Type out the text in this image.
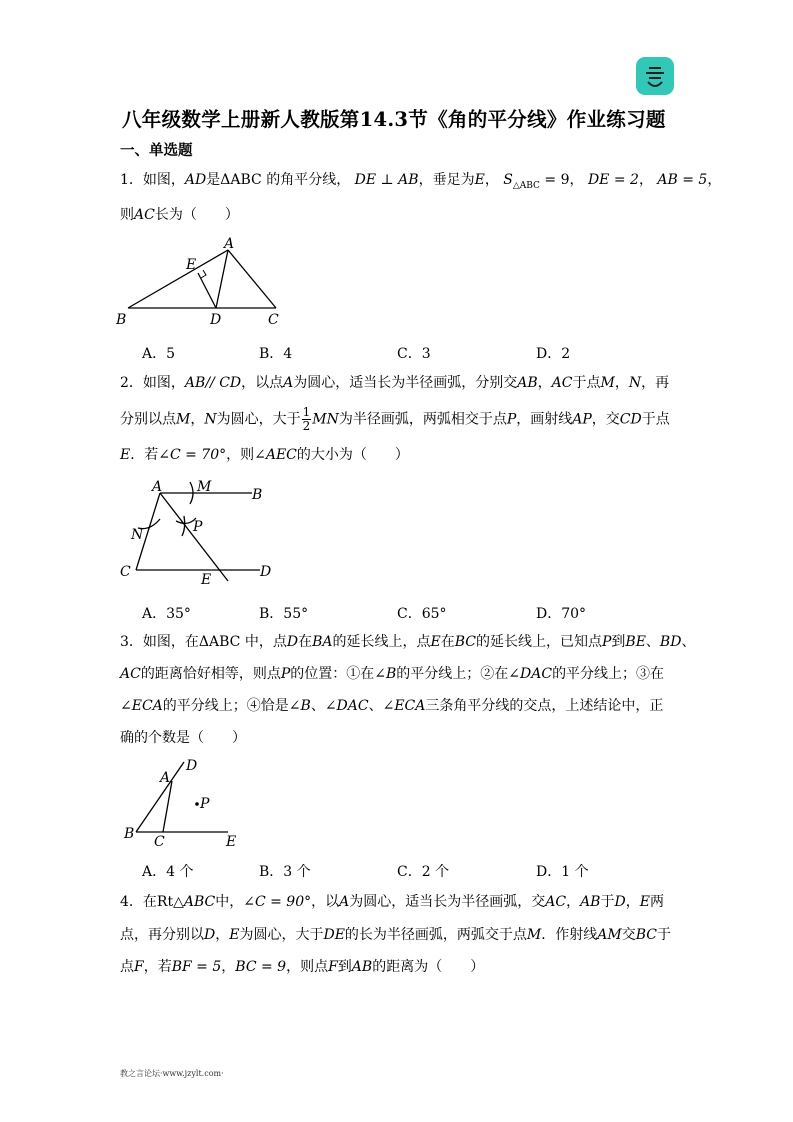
八年级数学上册新人教版第14.3节《角的平分线》作业练习题
一、单选题
1．如图，AD是ΔABC 的角平分线， DE ⊥ AB，垂足为E， $S_{\triangle ABC} = 9$， DE = 2， AB = 5，
则AC长为（　　）
A
E
B	D	C
A．5	B．4	C．3	D．2
2．如图，AB// CD，以点A为圆心，适当长为半径画弧，分别交AB，AC于点M，N，再
分别以点M，N为圆心，大于 $\frac{1}{2}$ MN为半径画弧，两弧相交于点P，画射线AP，交CD于点
E．若∠C = 70°，则∠AEC的大小为（　　）
A M	B
N	P
C	E	D
A．35°	B．55°	C．65°	D．70°
3．如图，在ΔABC 中，点D在BA的延长线上，点E在BC的延长线上，已知点P到BE、BD、
AC的距离恰好相等，则点P的位置：①在∠B的平分线上；②在∠DAC的平分线上；③在
∠ECA的平分线上；④恰是∠B、∠DAC、∠ECA三条角平分线的交点，上述结论中，正
确的个数是（　　）
D
A
P
B C	E
A．4 个	B．3 个	C．2 个	D．1 个
4．在Rt△ABC中，∠C = 90°，以A为圆心，适当长为半径画弧，交AC，AB于D，E两
点，再分别以D，E为圆心，大于DE的长为半径画弧，两弧交于点M．作射线AM交BC于
点F，若BF = 5，BC = 9，则点F到AB的距离为（　　）
教之言论坛·www.jzylt.com·
